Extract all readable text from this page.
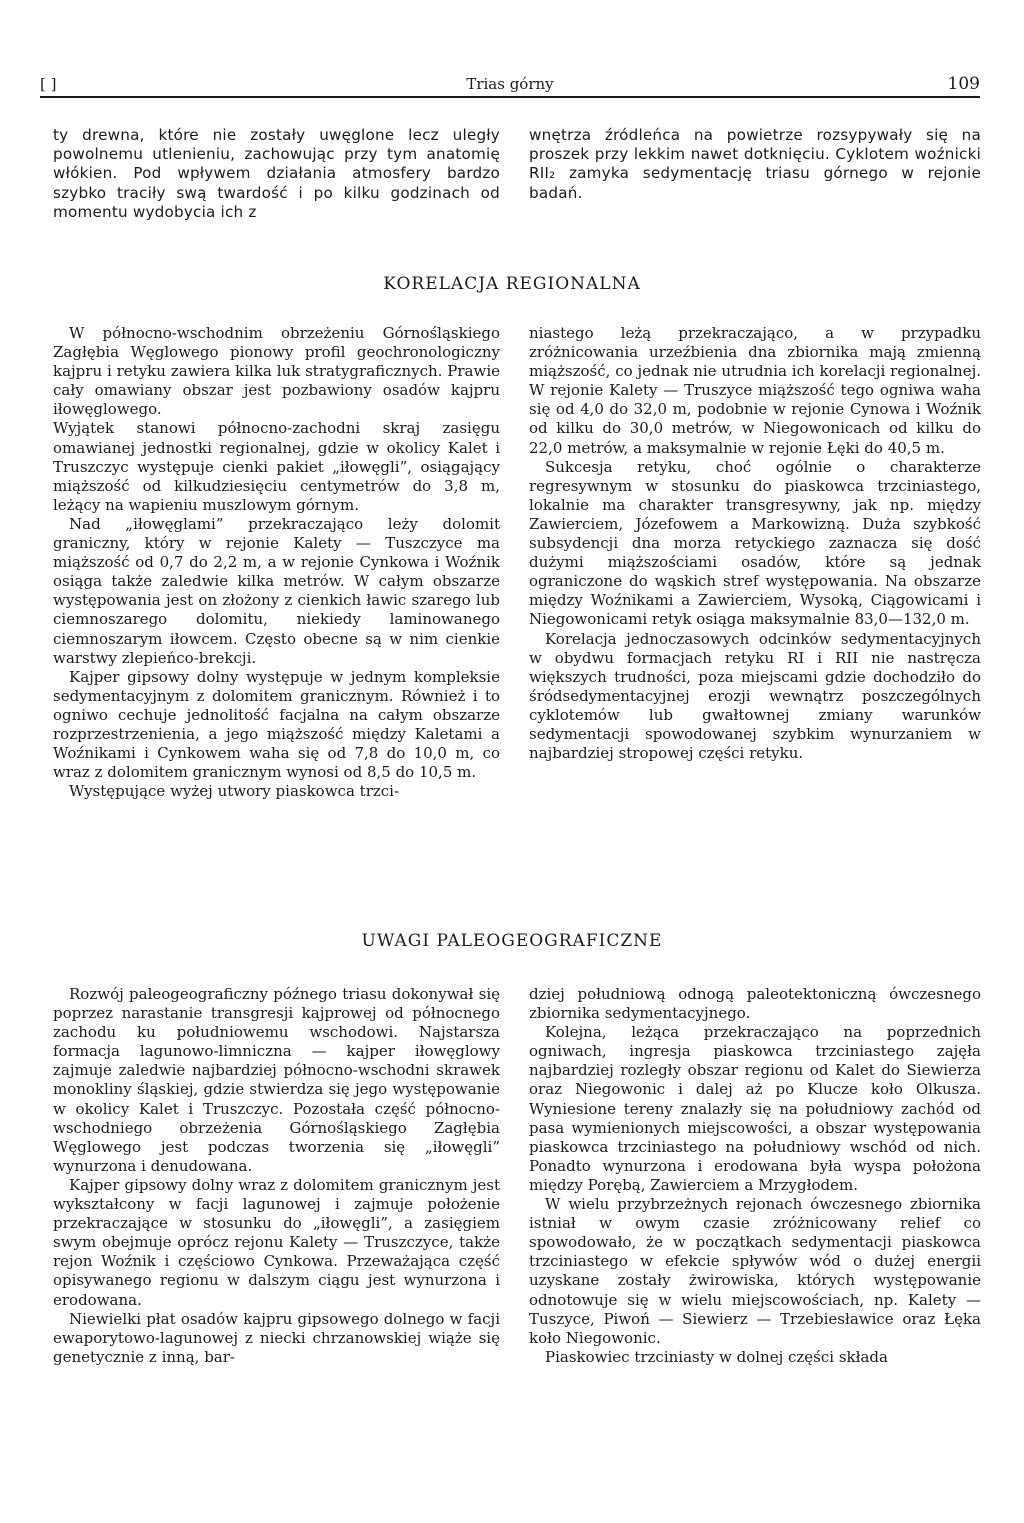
[ ]	Trias górny	109

ty drewna, które nie zostały uwęglone lecz uległy powolnemu utlenieniu, zachowując przy tym anatomię włókien. Pod wpływem działania atmosfery bardzo szybko traciły swą twardość i po kilku godzinach od momentu wydobycia ich z

wnętrza źródleńca na powietrze rozsypywały się na proszek przy lekkim nawet dotknięciu. Cyklotem woźnicki RII₂ zamyka sedymentację triasu górnego w rejonie badań.

KORELACJA REGIONALNA

W północno-wschodnim obrzeżeniu Górnośląskiego Zagłębia Węglowego pionowy profil geochronologiczny kajpru i retyku zawiera kilka luk stratygraficznych. Prawie cały omawiany obszar jest pozbawiony osadów kajpru iłowęglowego.

Wyjątek stanowi północno-zachodni skraj zasięgu omawianej jednostki regionalnej, gdzie w okolicy Kalet i Truszczyc występuje cienki pakiet „iłowęgli”, osiągający miąższość od kilkudziesięciu centymetrów do 3,8 m, leżący na wapieniu muszlowym górnym.

Nad „iłowęglami” przekraczająco leży dolomit graniczny, który w rejonie Kalety — Tuszczyce ma miąższość od 0,7 do 2,2 m, a w rejonie Cynkowa i Woźnik osiąga także zaledwie kilka metrów. W całym obszarze występowania jest on złożony z cienkich ławic szarego lub ciemnoszarego dolomitu, niekiedy laminowanego ciemnoszarym iłowcem. Często obecne są w nim cienkie warstwy zlepieńco-brekcji.

Kajper gipsowy dolny występuje w jednym kompleksie sedymentacyjnym z dolomitem granicznym. Również i to ogniwo cechuje jednolitość facjalna na całym obszarze rozprzestrzenienia, a jego miąższość między Kaletami a Woźnikami i Cynkowem waha się od 7,8 do 10,0 m, co wraz z dolomitem granicznym wynosi od 8,5 do 10,5 m.

Występujące wyżej utwory piaskowca trzci-

niastego leżą przekraczająco, a w przypadku zróżnicowania urzeźbienia dna zbiornika mają zmienną miąższość, co jednak nie utrudnia ich korelacji regionalnej. W rejonie Kalety — Truszyce miąższość tego ogniwa waha się od 4,0 do 32,0 m, podobnie w rejonie Cynowa i Woźnik od kilku do 30,0 metrów, w Niegowonicach od kilku do 22,0 metrów, a maksymalnie w rejonie Łęki do 40,5 m.

Sukcesja retyku, choć ogólnie o charakterze regresywnym w stosunku do piaskowca trzciniastego, lokalnie ma charakter transgresywny, jak np. między Zawierciem, Józefowem a Markowizną. Duża szybkość subsydencji dna morza retyckiego zaznacza się dość dużymi miąższościami osadów, które są jednak ograniczone do wąskich stref występowania. Na obszarze między Woźnikami a Zawierciem, Wysoką, Ciągowicami i Niegowonicami retyk osiąga maksymalnie 83,0—132,0 m.

Korelacja jednoczasowych odcinków sedymentacyjnych w obydwu formacjach retyku RI i RII nie nastręcza większych trudności, poza miejscami gdzie dochodziło do śródsedymentacyjnej erozji wewnątrz poszczególnych cyklotemów lub gwałtownej zmiany warunków sedymentacji spowodowanej szybkim wynurzaniem w najbardziej stropowej części retyku.

UWAGI PALEOGEOGRAFICZNE

Rozwój paleogeograficzny późnego triasu dokonywał się poprzez narastanie transgresji kajprowej od północnego zachodu ku południowemu wschodowi. Najstarsza formacja lagunowo-limniczna — kajper iłowęglowy zajmuje zaledwie najbardziej północno-wschodni skrawek monokliny śląskiej, gdzie stwierdza się jego występowanie w okolicy Kalet i Truszczyc. Pozostała część północno-wschodniego obrzeżenia Górnośląskiego Zagłębia Węglowego jest podczas tworzenia się „iłowęgli” wynurzona i denudowana.

Kajper gipsowy dolny wraz z dolomitem granicznym jest wykształcony w facji lagunowej i zajmuje położenie przekraczające w stosunku do „iłowęgli”, a zasięgiem swym obejmuje oprócz rejonu Kalety — Truszczyce, także rejon Woźnik i częściowo Cynkowa. Przeważająca część opisywanego regionu w dalszym ciągu jest wynurzona i erodowana.

Niewielki płat osadów kajpru gipsowego dolnego w facji ewaporytowo-lagunowej z niecki chrzanowskiej wiąże się genetycznie z inną, bar-

dziej południową odnogą paleotektoniczną ówczesnego zbiornika sedymentacyjnego.

Kolejna, leżąca przekraczająco na poprzednich ogniwach, ingresja piaskowca trzciniastego zajęła najbardziej rozległy obszar regionu od Kalet do Siewierza oraz Niegowonic i dalej aż po Klucze koło Olkusza. Wyniesione tereny znalazły się na południowy zachód od pasa wymienionych miejscowości, a obszar występowania piaskowca trzciniastego na południowy wschód od nich. Ponadto wynurzona i erodowana była wyspa położona między Porębą, Zawierciem a Mrzygłodem.

W wielu przybrzeżnych rejonach ówczesnego zbiornika istniał w owym czasie zróżnicowany relief co spowodowało, że w początkach sedymentacji piaskowca trzciniastego w efekcie spływów wód o dużej energii uzyskane zostały żwirowiska, których występowanie odnotowuje się w wielu miejscowościach, np. Kalety — Tuszyce, Piwoń — Siewierz — Trzebiesławice oraz Łęka koło Niegowonic.

Piaskowiec trzciniasty w dolnej części składa
